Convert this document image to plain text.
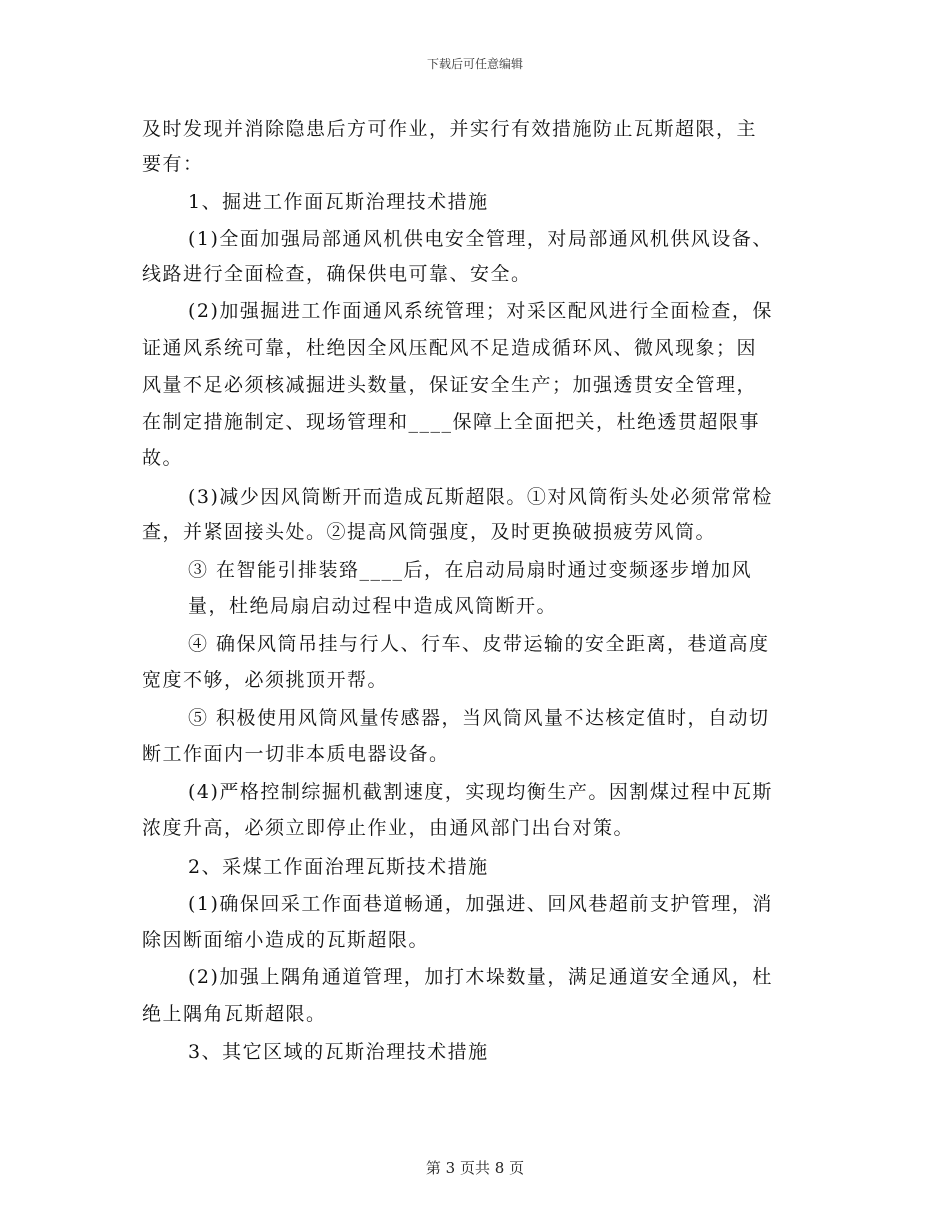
下载后可任意编辑
及时发现并消除隐患后方可作业，并实行有效措施防止瓦斯超限，主
要有：
1、掘进工作面瓦斯治理技术措施
(1)全面加强局部通风机供电安全管理，对局部通风机供风设备、
线路进行全面检查，确保供电可靠、安全。
(2)加强掘进工作面通风系统管理；对采区配风进行全面检查，保
证通风系统可靠，杜绝因全风压配风不足造成循环风、微风现象；因
风量不足必须核减掘进头数量，保证安全生产；加强透贯安全管理，
在制定措施制定、现场管理和____保障上全面把关，杜绝透贯超限事
故。
(3)减少因风筒断开而造成瓦斯超限。①对风筒衔头处必须常常检
查，并紧固接头处。②提高风筒强度，及时更换破损疲劳风筒。
③ 在智能引排装臵____后，在启动局扇时通过变频逐步增加风
量，杜绝局扇启动过程中造成风筒断开。
④ 确保风筒吊挂与行人、行车、皮带运输的安全距离，巷道高度
宽度不够，必须挑顶开帮。
⑤ 积极使用风筒风量传感器，当风筒风量不达核定值时，自动切
断工作面内一切非本质电器设备。
(4)严格控制综掘机截割速度，实现均衡生产。因割煤过程中瓦斯
浓度升高，必须立即停止作业，由通风部门出台对策。
2、采煤工作面治理瓦斯技术措施
(1)确保回采工作面巷道畅通，加强进、回风巷超前支护管理，消
除因断面缩小造成的瓦斯超限。
(2)加强上隅角通道管理，加打木垛数量，满足通道安全通风，杜
绝上隅角瓦斯超限。
3、其它区域的瓦斯治理技术措施
第 3 页共 8 页
